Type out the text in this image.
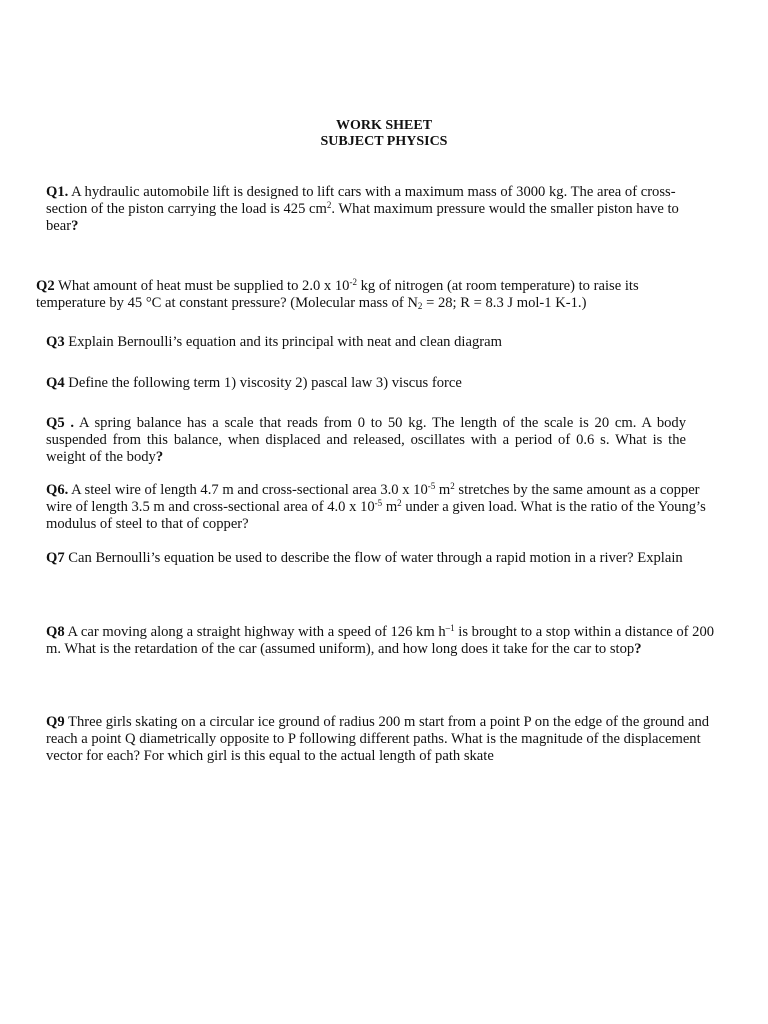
WORK SHEET
SUBJECT PHYSICS
Q1. A hydraulic automobile lift is designed to lift cars with a maximum mass of 3000 kg. The area of cross-section of the piston carrying the load is 425 $cm^2$. What maximum pressure would the smaller piston have to bear?
Q2 What amount of heat must be supplied to 2.0 x $10^{-2}$ kg of nitrogen (at room temperature) to raise its temperature by 45 °C at constant pressure? (Molecular mass of $N_2 = 28$; R = 8.3 J mol-1 K-1.)
Q3 Explain Bernoulli’s equation and its principal with neat and clean diagram
Q4 Define the following term 1) viscosity 2) pascal law 3) viscus force
Q5 . A spring balance has a scale that reads from 0 to 50 kg. The length of the scale is 20 cm. A body suspended from this balance, when displaced and released, oscillates with a period of 0.6 s. What is the weight of the body?
Q6. A steel wire of length 4.7 m and cross-sectional area 3.0 x $10^{-5}$ $m^2$ stretches by the same amount as a copper wire of length 3.5 m and cross-sectional area of 4.0 x $10^{-5}$ $m^2$ under a given load. What is the ratio of the Young’s modulus of steel to that of copper?
Q7 Can Bernoulli’s equation be used to describe the flow of water through a rapid motion in a river? Explain
Q8 A car moving along a straight highway with a speed of 126 km $h^{-1}$ is brought to a stop within a distance of 200 m. What is the retardation of the car (assumed uniform), and how long does it take for the car to stop?
Q9 Three girls skating on a circular ice ground of radius 200 m start from a point P on the edge of the ground and reach a point Q diametrically opposite to P following different paths. What is the magnitude of the displacement vector for each? For which girl is this equal to the actual length of path skate
